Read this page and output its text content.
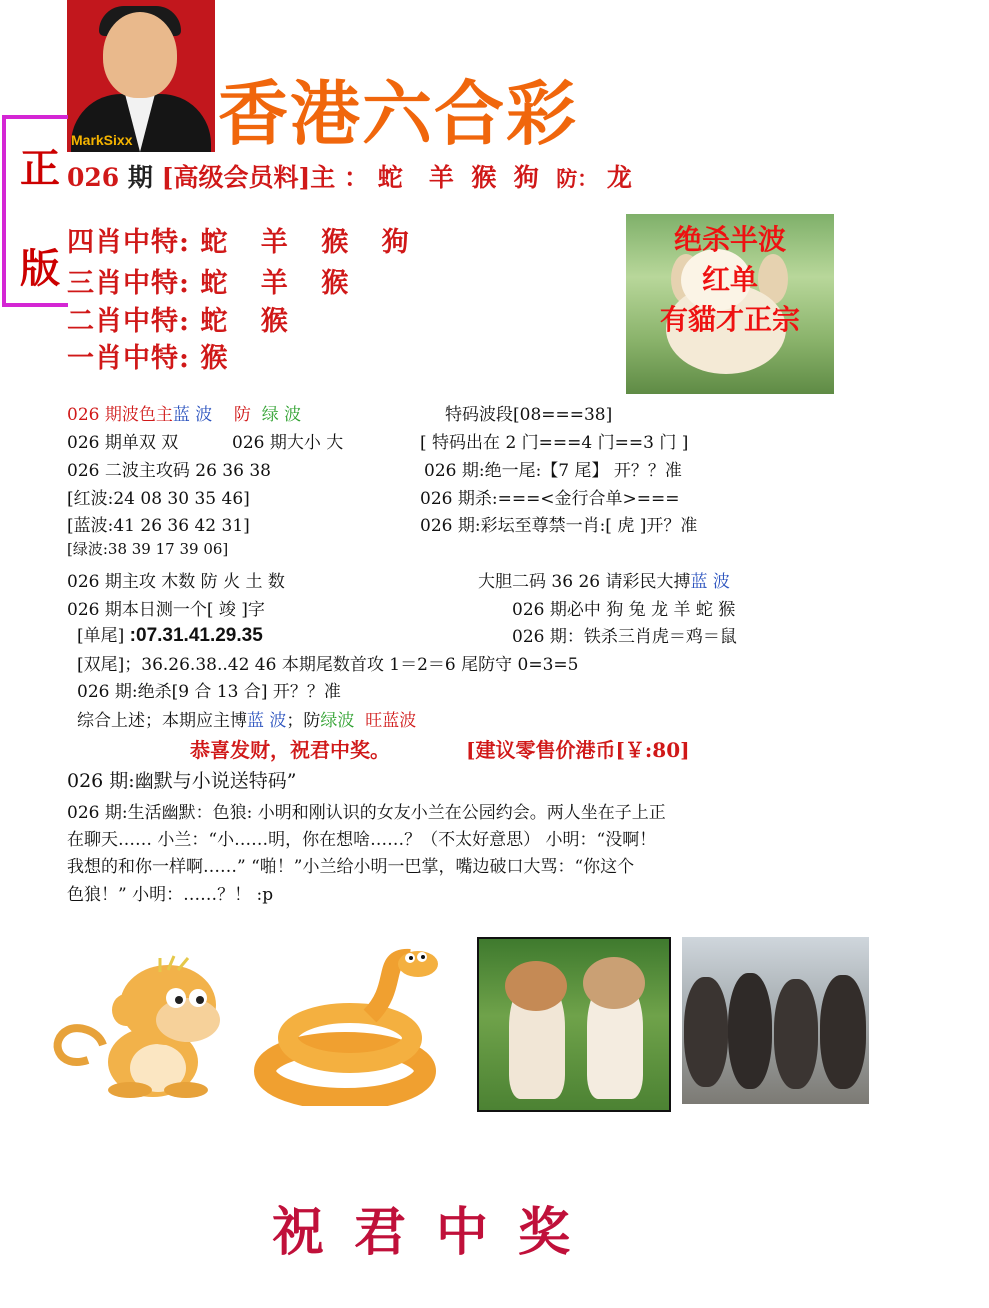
MarkSixx 香港六合彩
正
版
026 期 [高级会员料]主 ： 蛇 羊 猴 狗 防： 龙
四肖中特: 蛇 羊 猴 狗
三肖中特: 蛇 羊 猴
二肖中特: 蛇 猴
一肖中特: 猴
绝杀半波
红单
有貓才正宗
026 期波色主蓝 波 防 绿 波
026 期单双 双	026 期大小 大
026 二波主攻码 26 36 38
[红波:24 08 30 35 46]
[蓝波:41 26 36 42 31]
[绿波:38 39 17 39 06]
026 期主攻 木数 防 火 土 数
026 期本日测一个[ 竣 ]字
[单尾] :07.31.41.29.35
[双尾]；36.26.38..42 46 本期尾数首攻 1＝2＝6 尾防守 0=3=5
026 期:绝杀[9 合 13 合] 开？？准
综合上述；本期应主博蓝 波；防绿波 旺蓝波
特码波段[08===38]
[ 特码出在 2 门===4 门==3 门 ]
026 期:绝一尾:【7 尾】 开？？准
026 期杀:===<金行合单>===
026 期:彩坛至尊禁一肖:[ 虎 ]开？准
大胆二码 36 26 请彩民大搏蓝 波
026 期必中 狗 兔 龙 羊 蛇 猴
026 期：铁杀三肖虎＝鸡＝鼠
恭喜发财，祝君中奖。	[建议零售价港币[￥:80]
026 期:幽默与小说送特码”
026 期:生活幽默：色狼: 小明和刚认识的女友小兰在公园约会。两人坐在子上正
在聊天…… 小兰：“小……明，你在想啥……？（不太好意思） 小明：“没啊！
我想的和你一样啊……” “啪！”小兰给小明一巴掌，嘴边破口大骂：“你这个
色狼！” 小明：……？！ :p
祝君中奖
